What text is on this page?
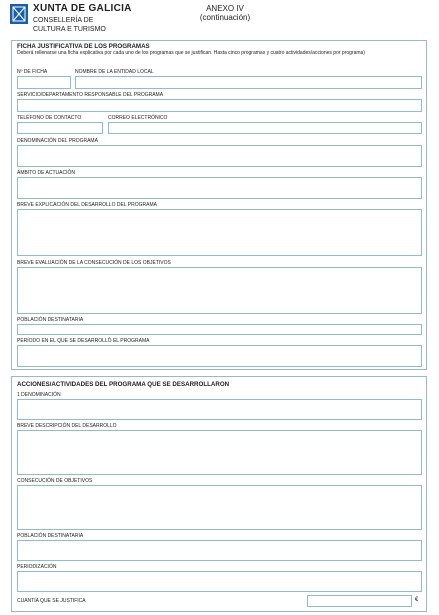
XUNTA DE GALICIA
CONSELLERÍA DE
CULTURA E TURISMO
ANEXO IV
(continuación)
FICHA JUSTIFICATIVA DE LOS PROGRAMAS
Deberá rellenarse una ficha explicativa por cada uno de los programas que se justifican. Hasta cinco programas y cuatro actividades/acciones por programa)
Nº DE FICHA	NOMBRE DE LA ENTIDAD LOCAL
SERVICIO/DEPARTAMENTO RESPONSABLE DEL PROGRAMA
TELÉFONO DE CONTACTO	CORREO ELECTRÓNICO
DENOMINACIÓN DEL PROGRAMA
ÁMBITO DE ACTUACIÓN
BREVE EXPLICACIÓN DEL DESARROLLO DEL PROGRAMA
BREVE EVALUACIÓN DE LA CONSECUCIÓN DE LOS OBJETIVOS
POBLACIÓN DESTINATARIA
PERÍODO EN EL QUE SE DESARROLLÓ EL PROGRAMA
ACCIONES/ACTIVIDADES DEL PROGRAMA QUE SE DESARROLLARON
1 DENOMINACIÓN
BREVE DESCRIPCIÓN DEL DESARROLLO
CONSECUCIÓN DE OBJETIVOS
POBLACIÓN DESTINATARIA
PERIODIZACIÓN
CUANTÍA QUE SE JUSTIFICA	€
